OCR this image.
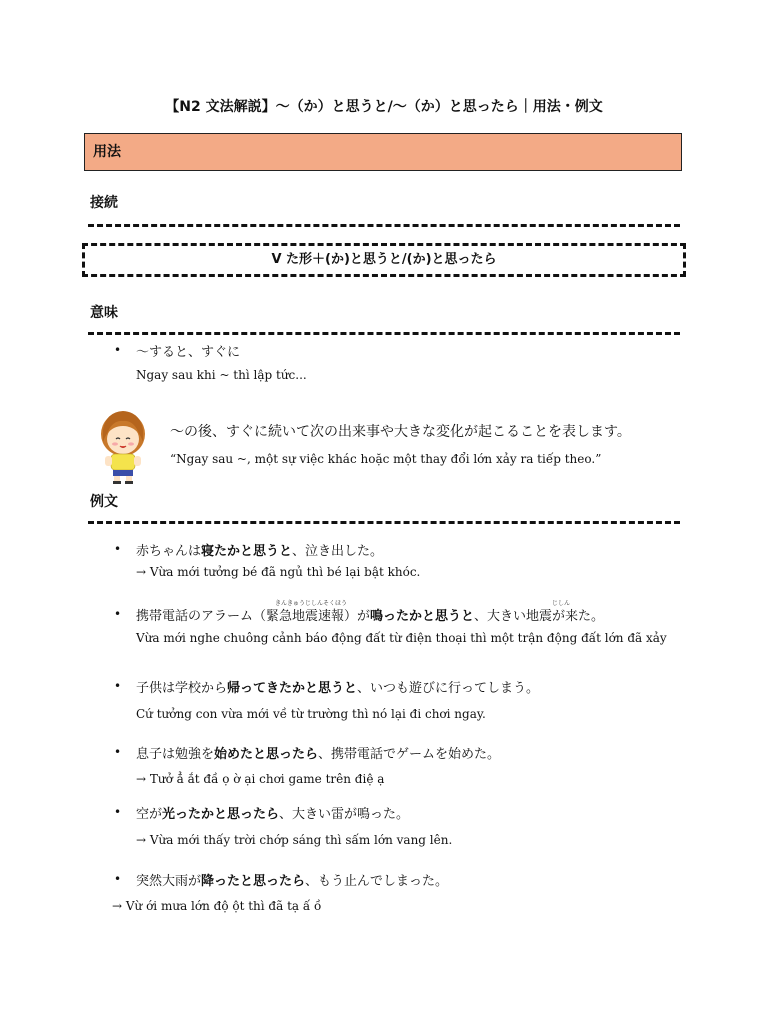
【N2 文法解説】〜（か）と思うと/〜（か）と思ったら｜用法・例文
用法
接続
V た形＋(か)と思うと/(か)と思ったら
意味
• 〜すると、すぐに
Ngay sau khi ~ thì lập tức...
〜の後、すぐに続いて次の出来事や大きな変化が起こることを表します。
“Ngay sau ~, một sự việc khác hoặc một thay đổi lớn xảy ra tiếp theo.”
例文
• 赤ちゃんは寝たかと思うと、泣き出した。
→ Vừa mới tưởng bé đã ngủ thì bé lại bật khóc.
きんきゅうじしんそくほう	じしん
• 携帯電話のアラーム（緊急地震速報）が鳴ったかと思うと、大きい地震が来た。
Vừa mới nghe chuông cảnh báo động đất từ điện thoại thì một trận động đất lớn đã xảy
• 子供は学校から帰ってきたかと思うと、いつも遊びに行ってしまう。
Cứ tưởng con vừa mới về từ trường thì nó lại đi chơi ngay.
• 息子は勉強を始めたと思ったら、携帯電話でゲームを始めた。
→ Tưở ẳ ắt đầ ọ ờ ại chơi game trên điệ ạ
• 空が光ったかと思ったら、大きい雷が鳴った。
→ Vừa mới thấy trời chớp sáng thì sấm lớn vang lên.
• 突然大雨が降ったと思ったら、もう止んでしまった。
→ Vừ ới mưa lớn độ ột thì đã tạ ấ ồ
